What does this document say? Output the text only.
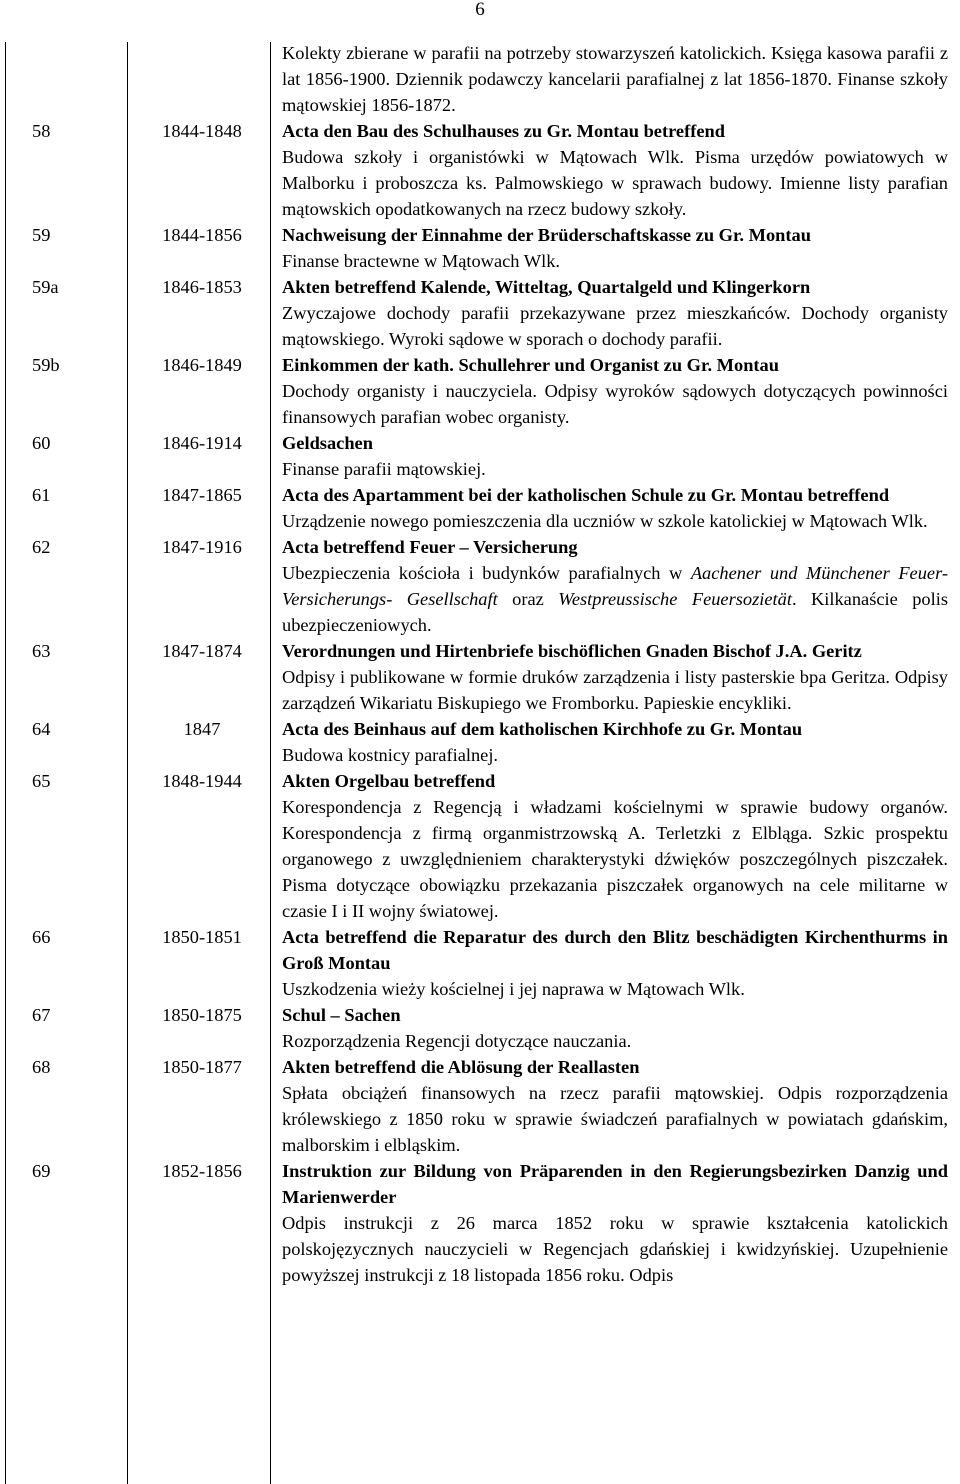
6
Kolekty zbierane w parafii na potrzeby stowarzyszeń katolickich. Księga kasowa parafii z lat 1856-1900. Dziennik podawczy kancelarii parafialnej z lat 1856-1870. Finanse szkoły mątowskiej 1856-1872.
58	1844-1848	Acta den Bau des Schulhauses zu Gr. Montau betreffend
Budowa szkoły i organistówki w Mątowach Wlk. Pisma urzędów powiatowych w Malborku i proboszcza ks. Palmowskiego w sprawach budowy. Imienne listy parafian mątowskich opodatkowanych na rzecz budowy szkoły.
59	1844-1856	Nachweisung der Einnahme der Brüderschaftskasse zu Gr. Montau
Finanse bractewne w Mątowach Wlk.
59a	1846-1853	Akten betreffend Kalende, Witteltag, Quartalgeld und Klingerkorn
Zwyczajowe dochody parafii przekazywane przez mieszkańców. Dochody organisty mątowskiego. Wyroki sądowe w sporach o dochody parafii.
59b	1846-1849	Einkommen der kath. Schullehrer und Organist zu Gr. Montau
Dochody organisty i nauczyciela. Odpisy wyroków sądowych dotyczących powinności finansowych parafian wobec organisty.
60	1846-1914	Geldsachen
Finanse parafii mątowskiej.
61	1847-1865	Acta des Apartamment bei der katholischen Schule zu Gr. Montau betreffend
Urządzenie nowego pomieszczenia dla uczniów w szkole katolickiej w Mątowach Wlk.
62	1847-1916	Acta betreffend Feuer – Versicherung
Ubezpieczenia kościoła i budynków parafialnych w Aachener und Münchener Feuer- Versicherungs- Gesellschaft oraz Westpreussische Feuersozietät. Kilkanaście polis ubezpieczeniowych.
63	1847-1874	Verordnungen und Hirtenbriefe bischöflichen Gnaden Bischof J.A. Geritz
Odpisy i publikowane w formie druków zarządzenia i listy pasterskie bpa Geritza. Odpisy zarządzeń Wikariatu Biskupiego we Fromborku. Papieskie encykliki.
64	1847	Acta des Beinhaus auf dem katholischen Kirchhofe zu Gr. Montau
Budowa kostnicy parafialnej.
65	1848-1944	Akten Orgelbau betreffend
Korespondencja z Regencją i władzami kościelnymi w sprawie budowy organów. Korespondencja z firmą organmistrzowską A. Terletzki z Elbląga. Szkic prospektu organowego z uwzględnieniem charakterystyki dźwięków poszczególnych piszczałek. Pisma dotyczące obowiązku przekazania piszczałek organowych na cele militarne w czasie I i II wojny światowej.
66	1850-1851	Acta betreffend die Reparatur des durch den Blitz beschädigten Kirchenthurms in Groß Montau
Uszkodzenia wieży kościelnej i jej naprawa w Mątowach Wlk.
67	1850-1875	Schul – Sachen
Rozporządzenia Regencji dotyczące nauczania.
68	1850-1877	Akten betreffend die Ablösung der Reallasten
Spłata obciążeń finansowych na rzecz parafii mątowskiej. Odpis rozporządzenia królewskiego z 1850 roku w sprawie świadczeń parafialnych w powiatach gdańskim, malborskim i elbląskim.
69	1852-1856	Instruktion zur Bildung von Präparenden in den Regierungsbezirken Danzig und Marienwerder
Odpis instrukcji z 26 marca 1852 roku w sprawie kształcenia katolickich polskojęzycznych nauczycieli w Regencjach gdańskiej i kwidzyńskiej. Uzupełnienie powyższej instrukcji z 18 listopada 1856 roku. Odpis
